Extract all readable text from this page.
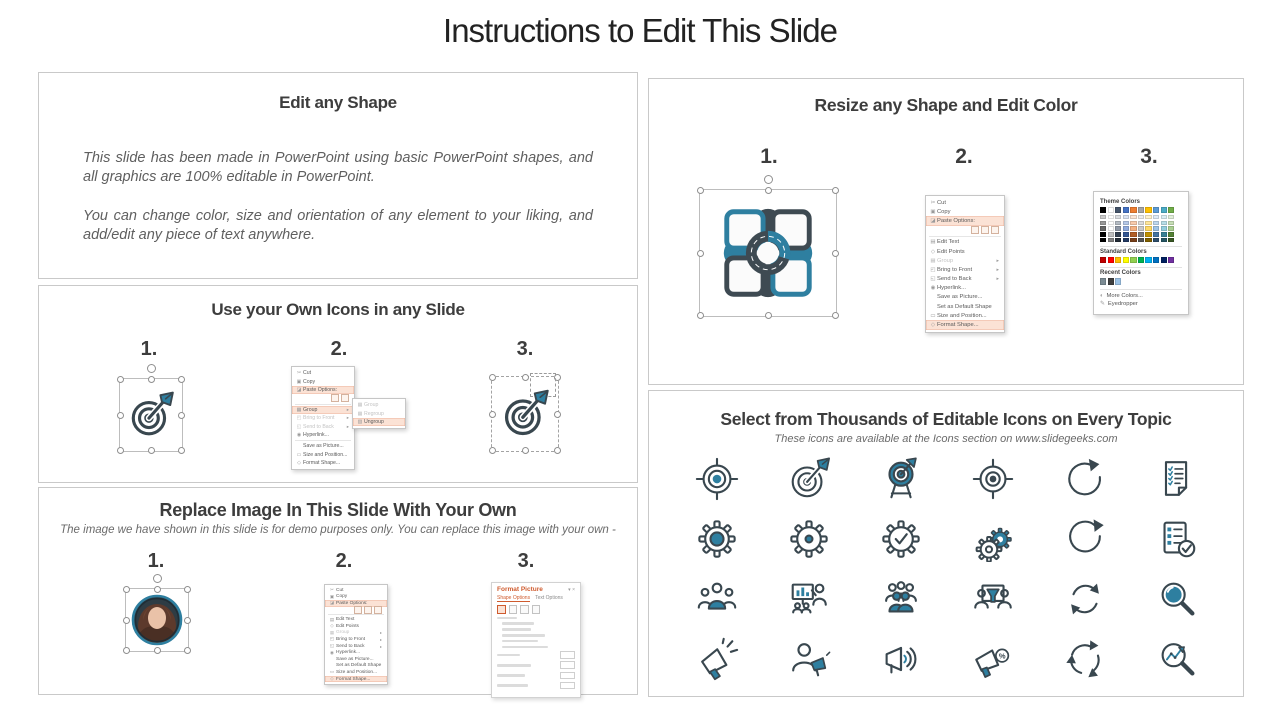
Instructions to Edit This Slide
Edit any Shape

This slide has been made in PowerPoint using basic PowerPoint shapes, and all graphics are 100% editable in PowerPoint.

You can change color, size and orientation of any element to your liking, and add/edit any piece of text anywhere.

Use your Own Icons in any Slide
1.	2.	3.
✂ Cut
▣ Copy
◪ Paste Options:
▦ Group	▸
◰ Bring to Front	▸
◱ Send to Back	▸
◉ Hyperlink...
Save as Picture...
▭ Size and Position...
◇ Format Shape...
▦ Group
▦ Regroup
▧ Ungroup
Replace Image In This Slide With Your Own
The image we have shown in this slide is for demo purposes only. You can replace this image with your own -
1.	2.	3.
✂ Cut
▣ Copy
◪ Paste Options:
▤ Edit Text
◇ Edit Points
▦ Group	▸
◰ Bring to Front	▸
◱ Send to Back	▸
◉ Hyperlink...
Save as Picture...
Set as Default Shape
▭ Size and Position...
◇ Format Shape...
Format Picture	▾ ×
Shape Options Text Options
Resize any Shape and Edit Color
1.	2.	3.
✂ Cut
▣ Copy
◪ Paste Options:
▤ Edit Text
◇ Edit Points
▦ Group	▸
◰ Bring to Front	▸
◱ Send to Back	▸
◉ Hyperlink...
Save as Picture...
Set as Default Shape
▭ Size and Position...
◇ Format Shape...
Theme Colors
Standard Colors
Recent Colors
◐ More Colors...
✎ Eyedropper
Select from Thousands of Editable Icons on Every Topic
These icons are available at the Icons section on www.slidegeeks.com
%
